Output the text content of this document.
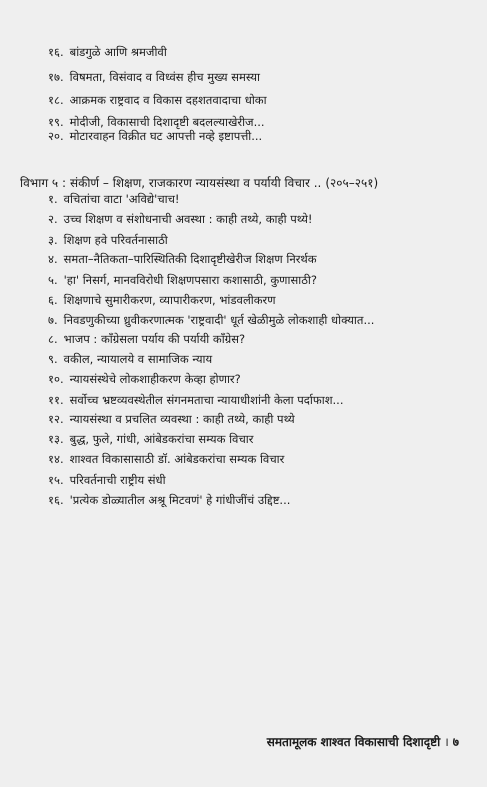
१६. बांडगुळे आणि श्रमजीवी
१७. विषमता, विसंवाद व विध्वंस हीच मुख्य समस्या
१८. आक्रमक राष्ट्रवाद व विकास दहशतवादाचा धोका
१९. मोदीजी, विकासाची दिशादृष्टी बदलल्याखेरीज...
२०. मोटारवाहन विक्रीत घट आपत्ती नव्हे इष्टापत्ती...
विभाग ५ : संकीर्ण – शिक्षण, राजकारण न्यायसंस्था व पर्यायी विचार .. (२०५–२५१)
१. वचितांचा वाटा 'अविद्ये'चाच!
२. उच्च शिक्षण व संशोधनाची अवस्था : काही तथ्ये, काही पथ्ये!
३. शिक्षण हवे परिवर्तनासाठी
४. समता–नैतिकता–पारिस्थितिकी दिशादृष्टीखेरीज शिक्षण निरर्थक
५. 'हा' निसर्ग, मानवविरोधी शिक्षणपसारा कशासाठी, कुणासाठी?
६. शिक्षणाचे सुमारीकरण, व्यापारीकरण, भांडवलीकरण
७. निवडणुकीच्या ध्रुवीकरणात्मक 'राष्ट्रवादी' धूर्त खेळीमुळे लोकशाही धोक्यात...
८. भाजप : काँग्रेसला पर्याय की पर्यायी काँग्रेस?
९. वकील, न्यायालये व सामाजिक न्याय
१०. न्यायसंस्थेचे लोकशाहीकरण केव्हा होणार?
११. सर्वोच्च भ्रष्टव्यवस्थेतील संगनमताचा न्यायाधीशांनी केला पर्दाफाश...
१२. न्यायसंस्था व प्रचलित व्यवस्था : काही तथ्ये, काही पथ्ये
१३. बुद्ध, फुले, गांधी, आंबेडकरांचा सम्यक विचार
१४. शाश्वत विकासासाठी डॉ. आंबेडकरांचा सम्यक विचार
१५. परिवर्तनाची राष्ट्रीय संधी
१६. 'प्रत्येक डोळ्यातील अश्रू मिटवणं' हे गांधीजींचं उद्दिष्ट...
समतामूलक शाश्वत विकासाची दिशादृष्टी । ७
